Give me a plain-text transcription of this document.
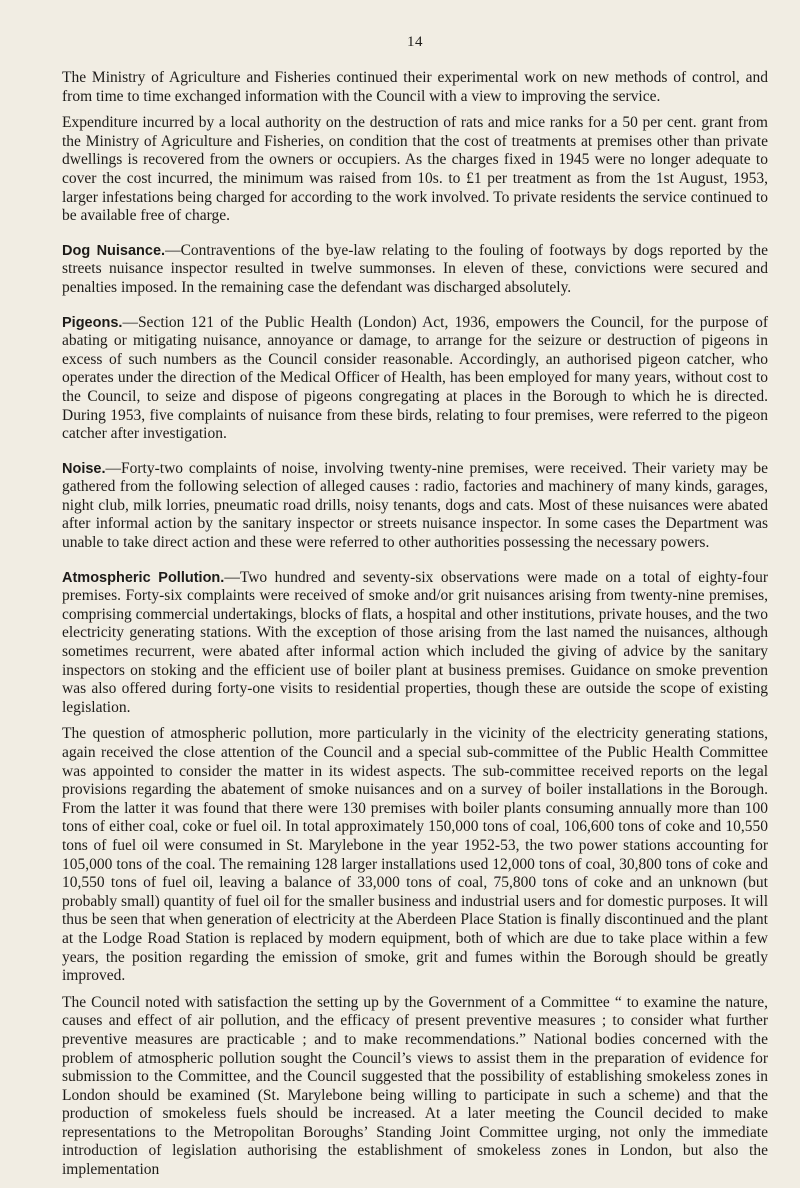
14

The Ministry of Agriculture and Fisheries continued their experimental work on new methods of control, and from time to time exchanged information with the Council with a view to improving the service.

Expenditure incurred by a local authority on the destruction of rats and mice ranks for a 50 per cent. grant from the Ministry of Agriculture and Fisheries, on condition that the cost of treatments at premises other than private dwellings is recovered from the owners or occupiers. As the charges fixed in 1945 were no longer adequate to cover the cost incurred, the minimum was raised from 10s. to £1 per treatment as from the 1st August, 1953, larger infestations being charged for according to the work involved. To private residents the service continued to be available free of charge.

Dog Nuisance.—Contraventions of the bye-law relating to the fouling of footways by dogs reported by the streets nuisance inspector resulted in twelve summonses. In eleven of these, convictions were secured and penalties imposed. In the remaining case the defendant was discharged absolutely.

Pigeons.—Section 121 of the Public Health (London) Act, 1936, empowers the Council, for the purpose of abating or mitigating nuisance, annoyance or damage, to arrange for the seizure or destruction of pigeons in excess of such numbers as the Council consider reasonable. Accordingly, an authorised pigeon catcher, who operates under the direction of the Medical Officer of Health, has been employed for many years, without cost to the Council, to seize and dispose of pigeons congregating at places in the Borough to which he is directed. During 1953, five complaints of nuisance from these birds, relating to four premises, were referred to the pigeon catcher after investigation.

Noise.—Forty-two complaints of noise, involving twenty-nine premises, were received. Their variety may be gathered from the following selection of alleged causes : radio, factories and machinery of many kinds, garages, night club, milk lorries, pneumatic road drills, noisy tenants, dogs and cats. Most of these nuisances were abated after informal action by the sanitary inspector or streets nuisance inspector. In some cases the Department was unable to take direct action and these were referred to other authorities possessing the necessary powers.

Atmospheric Pollution.—Two hundred and seventy-six observations were made on a total of eighty-four premises. Forty-six complaints were received of smoke and/or grit nuisances arising from twenty-nine premises, comprising commercial undertakings, blocks of flats, a hospital and other institutions, private houses, and the two electricity generating stations. With the exception of those arising from the last named the nuisances, although sometimes recurrent, were abated after informal action which included the giving of advice by the sanitary inspectors on stoking and the efficient use of boiler plant at business premises. Guidance on smoke prevention was also offered during forty-one visits to residential properties, though these are outside the scope of existing legislation.

The question of atmospheric pollution, more particularly in the vicinity of the electricity generating stations, again received the close attention of the Council and a special sub-committee of the Public Health Committee was appointed to consider the matter in its widest aspects. The sub-committee received reports on the legal provisions regarding the abatement of smoke nuisances and on a survey of boiler installations in the Borough. From the latter it was found that there were 130 premises with boiler plants consuming annually more than 100 tons of either coal, coke or fuel oil. In total approximately 150,000 tons of coal, 106,600 tons of coke and 10,550 tons of fuel oil were consumed in St. Marylebone in the year 1952-53, the two power stations accounting for 105,000 tons of the coal. The remaining 128 larger installations used 12,000 tons of coal, 30,800 tons of coke and 10,550 tons of fuel oil, leaving a balance of 33,000 tons of coal, 75,800 tons of coke and an unknown (but probably small) quantity of fuel oil for the smaller business and industrial users and for domestic purposes. It will thus be seen that when generation of electricity at the Aberdeen Place Station is finally discontinued and the plant at the Lodge Road Station is replaced by modern equipment, both of which are due to take place within a few years, the position regarding the emission of smoke, grit and fumes within the Borough should be greatly improved.

The Council noted with satisfaction the setting up by the Government of a Committee “ to examine the nature, causes and effect of air pollution, and the efficacy of present preventive measures ; to consider what further preventive measures are practicable ; and to make recommendations.” National bodies concerned with the problem of atmospheric pollution sought the Council’s views to assist them in the preparation of evidence for submission to the Committee, and the Council suggested that the possibility of establishing smokeless zones in London should be examined (St. Marylebone being willing to participate in such a scheme) and that the production of smokeless fuels should be increased. At a later meeting the Council decided to make representations to the Metropolitan Boroughs’ Standing Joint Committee urging, not only the immediate introduction of legislation authorising the establishment of smokeless zones in London, but also the implementation
